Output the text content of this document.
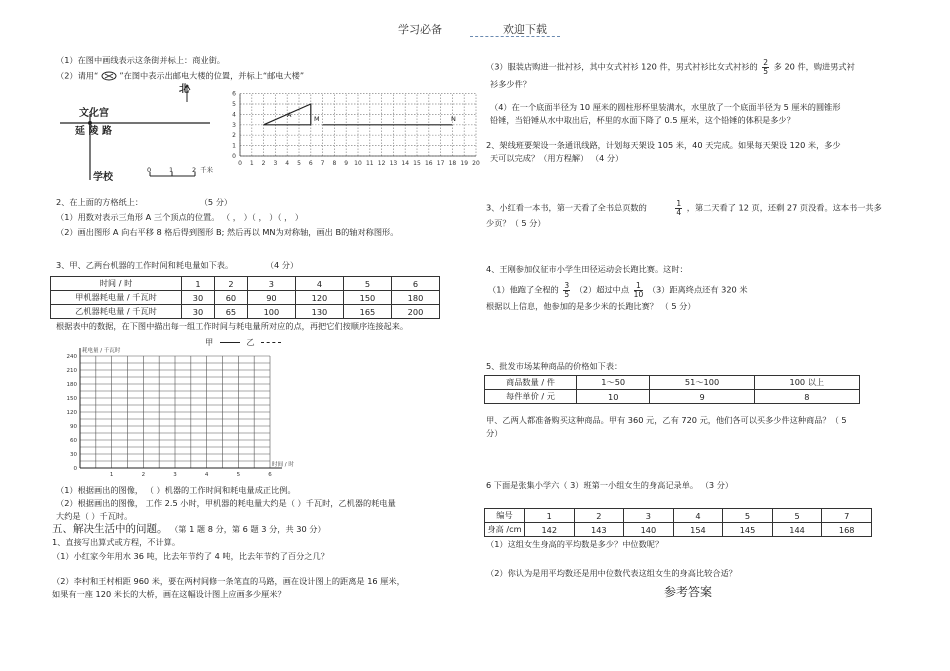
学习必备	欢迎下载
（1）在图中画线表示这条街并标上：商业街。
（2）请用“	”在图中表示出邮电大楼的位置，并标上“邮电大楼”
北
文化宫
延 陵 路
学校
0	1	2 千米
0 1 2 3 4 5 6 7 8 9 10 11 12 13 14 15 16 17 18 19 20
0
1
2
3
4
5
6
A	M	N
2、在上面的方格纸上：	（5 分）
（1）用数对表示三角形 A 三个顶点的位置。 （ ， ）（ ， ）（ ， ）
（2）画出图形 A 向右平移 8 格后得到图形 B; 然后再以 MN为对称轴，画出 B的轴对称图形。
3、甲、乙两台机器的工作时间和耗电量如下表。	（4 分）
时间 / 时	1	2	3	4	5	6
甲机器耗电量 / 千瓦时	30	60	90	120	150	180
乙机器耗电量 / 千瓦时	30	65	100	130	165	200
根据表中的数据，在下图中描出每一组工作时间与耗电量所对应的点，再把它们按顺序连接起来。
甲	乙
0
30
60
90
120
150
180
210
240
1	2	3	4	5	6
耗电量 / 千瓦时
时间 / 时
（1）根据画出的图像， （ ）机器的工作时间和耗电量成正比例。
（2）根据画出的图像， 工作 2.5 小时，甲机器的耗电量大约是（ ）千瓦时，乙机器的耗电量
大约是（ ）千瓦时。
五、解决生活中的问题。 （第 1 题 8 分，第 6 题 3 分，共 30 分）
1、直接写出算式或方程，不计算。
（1）小红家今年用水 36 吨，比去年节约了 4 吨，比去年节约了百分之几？
（2）李村和王村相距 960 米，要在两村间修一条笔直的马路，画在设计图上的距离是 16 厘米，
如果有一座 120 米长的大桥，画在这幅设计图上应画多少厘米？
（3）服装店购进一批衬衫，其中女式衬衫 120 件，男式衬衫比女式衬衫的 $\frac{2}{5}$ 多 20 件，购进男式衬
衫多少件？
（4）在一个底面半径为 10 厘米的圆柱形杯里装满水，水里放了一个底面半径为 5 厘米的圆锥形
铅锤，当铅锤从水中取出后，杯里的水面下降了 0.5 厘米，这个铅锤的体积是多少？
2、架线班要架设一条通讯线路，计划每天架设 105 米，40 天完成。如果每天架设 120 米，多少
天可以完成？（用方程解） （4 分）
3、小红看一本书，第一天看了全书总页数的	$\frac{1}{4}$ ，第二天看了 12 页，还剩 27 页没看。这本书一共多
少页？（ 5 分）
4、王刚参加仪征市小学生田径运动会长跑比赛。这时：
（1）他跑了全程的 $\frac{3}{5} (2)$超过中点 $\frac{1}{10} (3)$距离终点还有 320 米
根据以上信息，他参加的是多少米的长跑比赛？ （ 5 分）
5、批发市场某种商品的价格如下表：
商品数量 / 件	1～50	51～100	100 以上
每件单价 / 元	10	9	8
甲、乙两人都准备购买这种商品。甲有 360 元，乙有 720 元，他们各可以买多少件这种商品？（ 5
分）
6 下面是张集小学六（ 3）班第一小组女生的身高记录单。 （3 分）
编号	1	2	3	4	5	5	7
身高 /cm	142	143	140	154	145	144	168
（1）这组女生身高的平均数是多少？中位数呢？
（2）你认为是用平均数还是用中位数代表这组女生的身高比较合适？
参考答案
